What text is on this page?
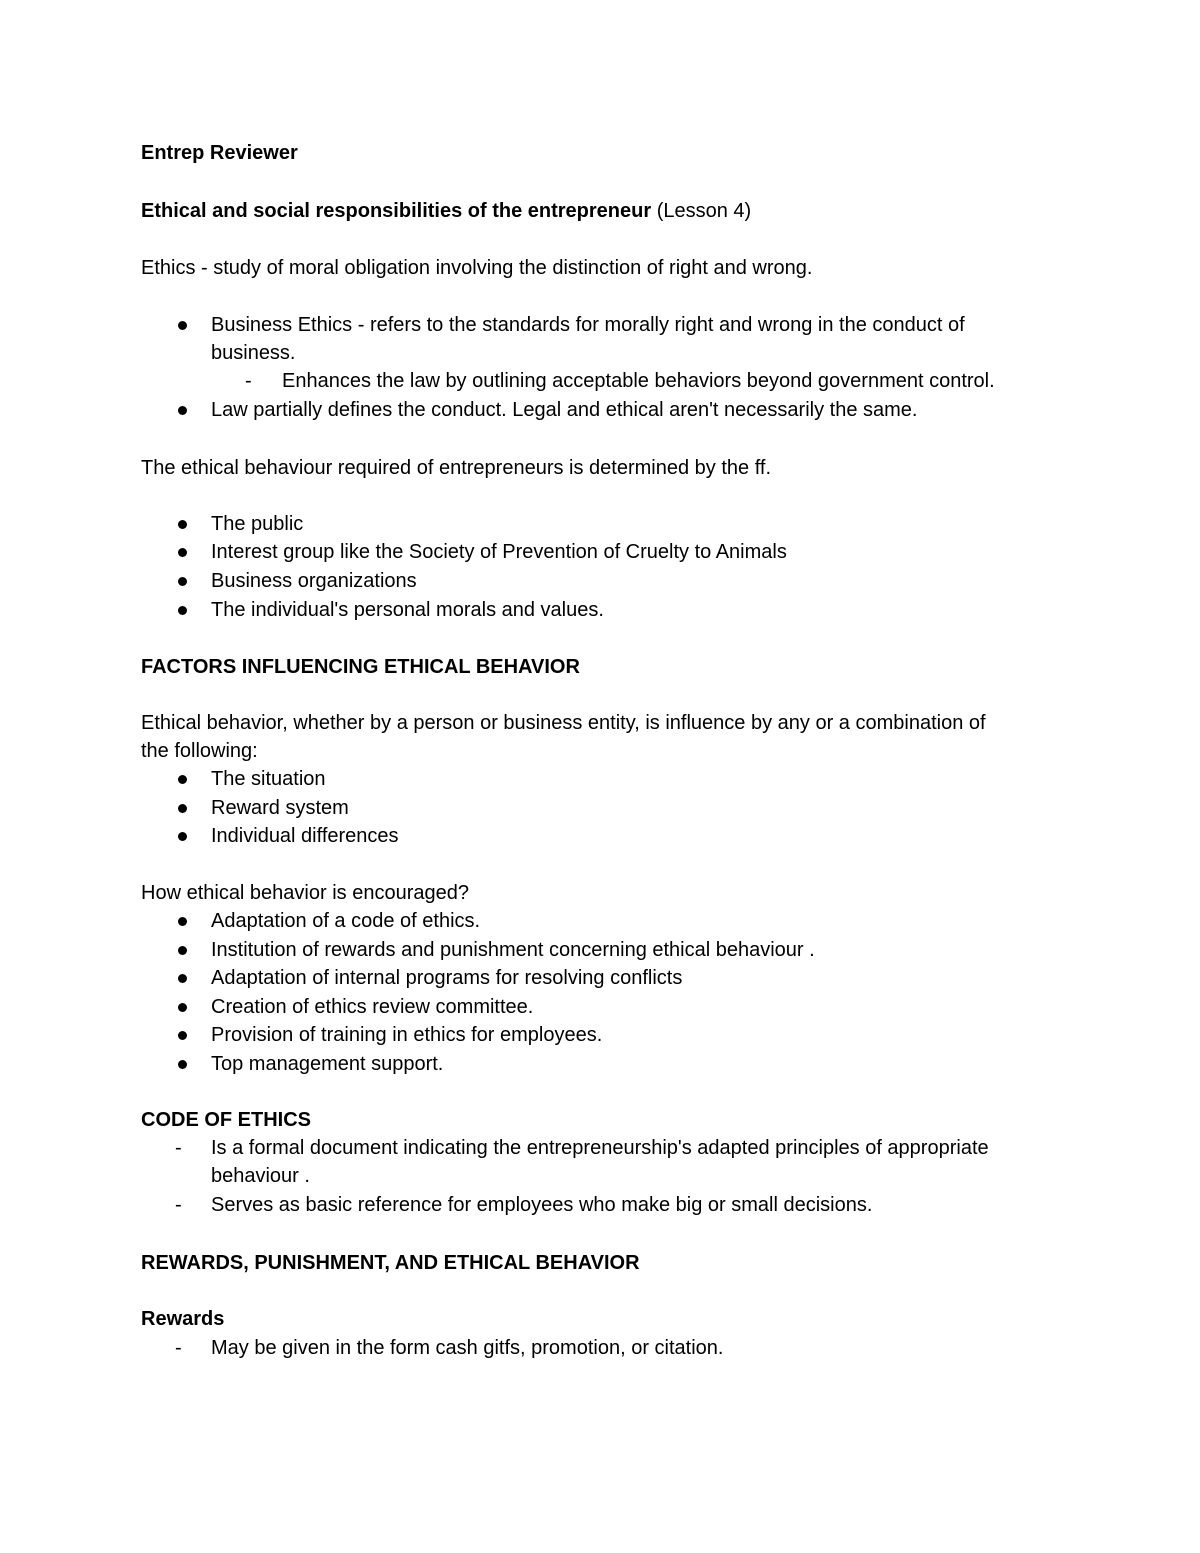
Entrep Reviewer
Ethical and social responsibilities of the entrepreneur (Lesson 4)
Ethics - study of moral obligation involving the distinction of right and wrong.
Business Ethics - refers to the standards for morally right and wrong in the conduct of
business.
- Enhances the law by outlining acceptable behaviors beyond government control.
Law partially defines the conduct. Legal and ethical aren't necessarily the same.
The ethical behaviour required of entrepreneurs is determined by the ff.
The public
Interest group like the Society of Prevention of Cruelty to Animals
Business organizations
The individual's personal morals and values.
FACTORS INFLUENCING ETHICAL BEHAVIOR
Ethical behavior, whether by a person or business entity, is influence by any or a combination of
the following:
The situation
Reward system
Individual differences
How ethical behavior is encouraged?
Adaptation of a code of ethics.
Institution of rewards and punishment concerning ethical behaviour .
Adaptation of internal programs for resolving conflicts
Creation of ethics review committee.
Provision of training in ethics for employees.
Top management support.
CODE OF ETHICS
- Is a formal document indicating the entrepreneurship's adapted principles of appropriate
behaviour .
- Serves as basic reference for employees who make big or small decisions.
REWARDS, PUNISHMENT, AND ETHICAL BEHAVIOR
Rewards
- May be given in the form cash gitfs, promotion, or citation.
